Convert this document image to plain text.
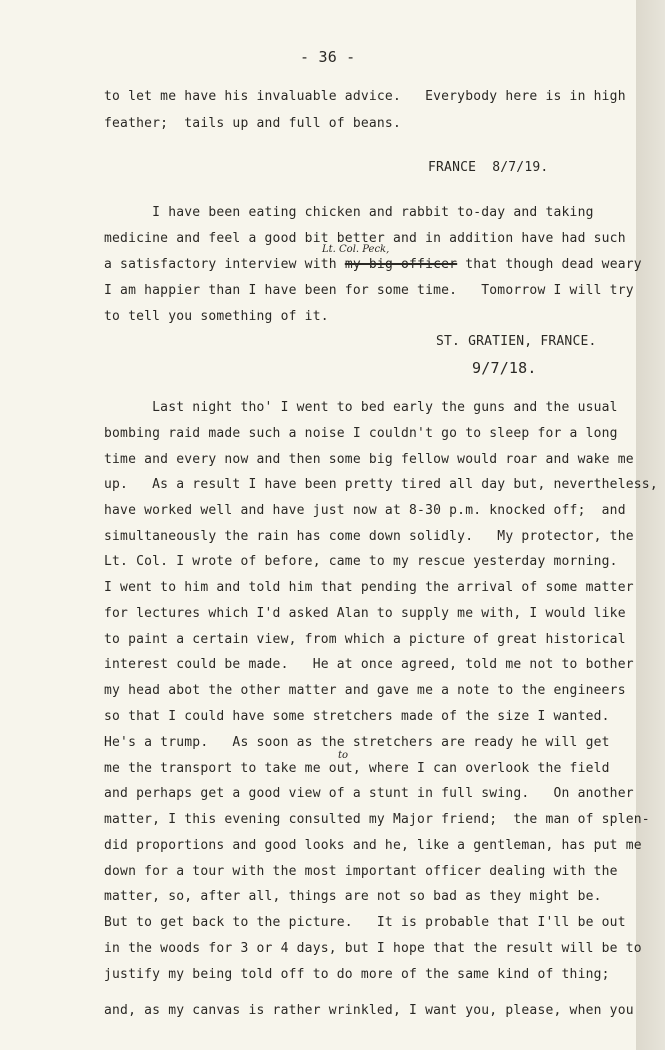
- 36 -
to let me have his invaluable advice.   Everybody here is in high
feather;  tails up and full of beans.
FRANCE  8/7/19.
I have been eating chicken and rabbit to-day and taking
medicine and feel a good bit better and in addition have had such
Lt. Col. Peck,
a satisfactory interview with my big officer that though dead weary
I am happier than I have been for some time.   Tomorrow I will try
to tell you something of it.
ST. GRATIEN, FRANCE.
9/7/18.
Last night tho' I went to bed early the guns and the usual
bombing raid made such a noise I couldn't go to sleep for a long
time and every now and then some big fellow would roar and wake me
up.   As a result I have been pretty tired all day but, nevertheless,
have worked well and have just now at 8-30 p.m. knocked off;  and
simultaneously the rain has come down solidly.   My protector, the
Lt. Col. I wrote of before, came to my rescue yesterday morning.
I went to him and told him that pending the arrival of some matter
for lectures which I'd asked Alan to supply me with, I would like
to paint a certain view, from which a picture of great historical
interest could be made.   He at once agreed, told me not to bother
my head abot the other matter and gave me a note to the engineers
so that I could have some stretchers made of the size I wanted.
He's a trump.   As soon as the stretchers are ready he will get
to
me the transport to take me out, where I can overlook the field
and perhaps get a good view of a stunt in full swing.   On another
matter, I this evening consulted my Major friend;  the man of splen-
did proportions and good looks and he, like a gentleman, has put me
down for a tour with the most important officer dealing with the
matter, so, after all, things are not so bad as they might be.
But to get back to the picture.   It is probable that I'll be out
in the woods for 3 or 4 days, but I hope that the result will be to
justify my being told off to do more of the same kind of thing;
and, as my canvas is rather wrinkled, I want you, please, when you
